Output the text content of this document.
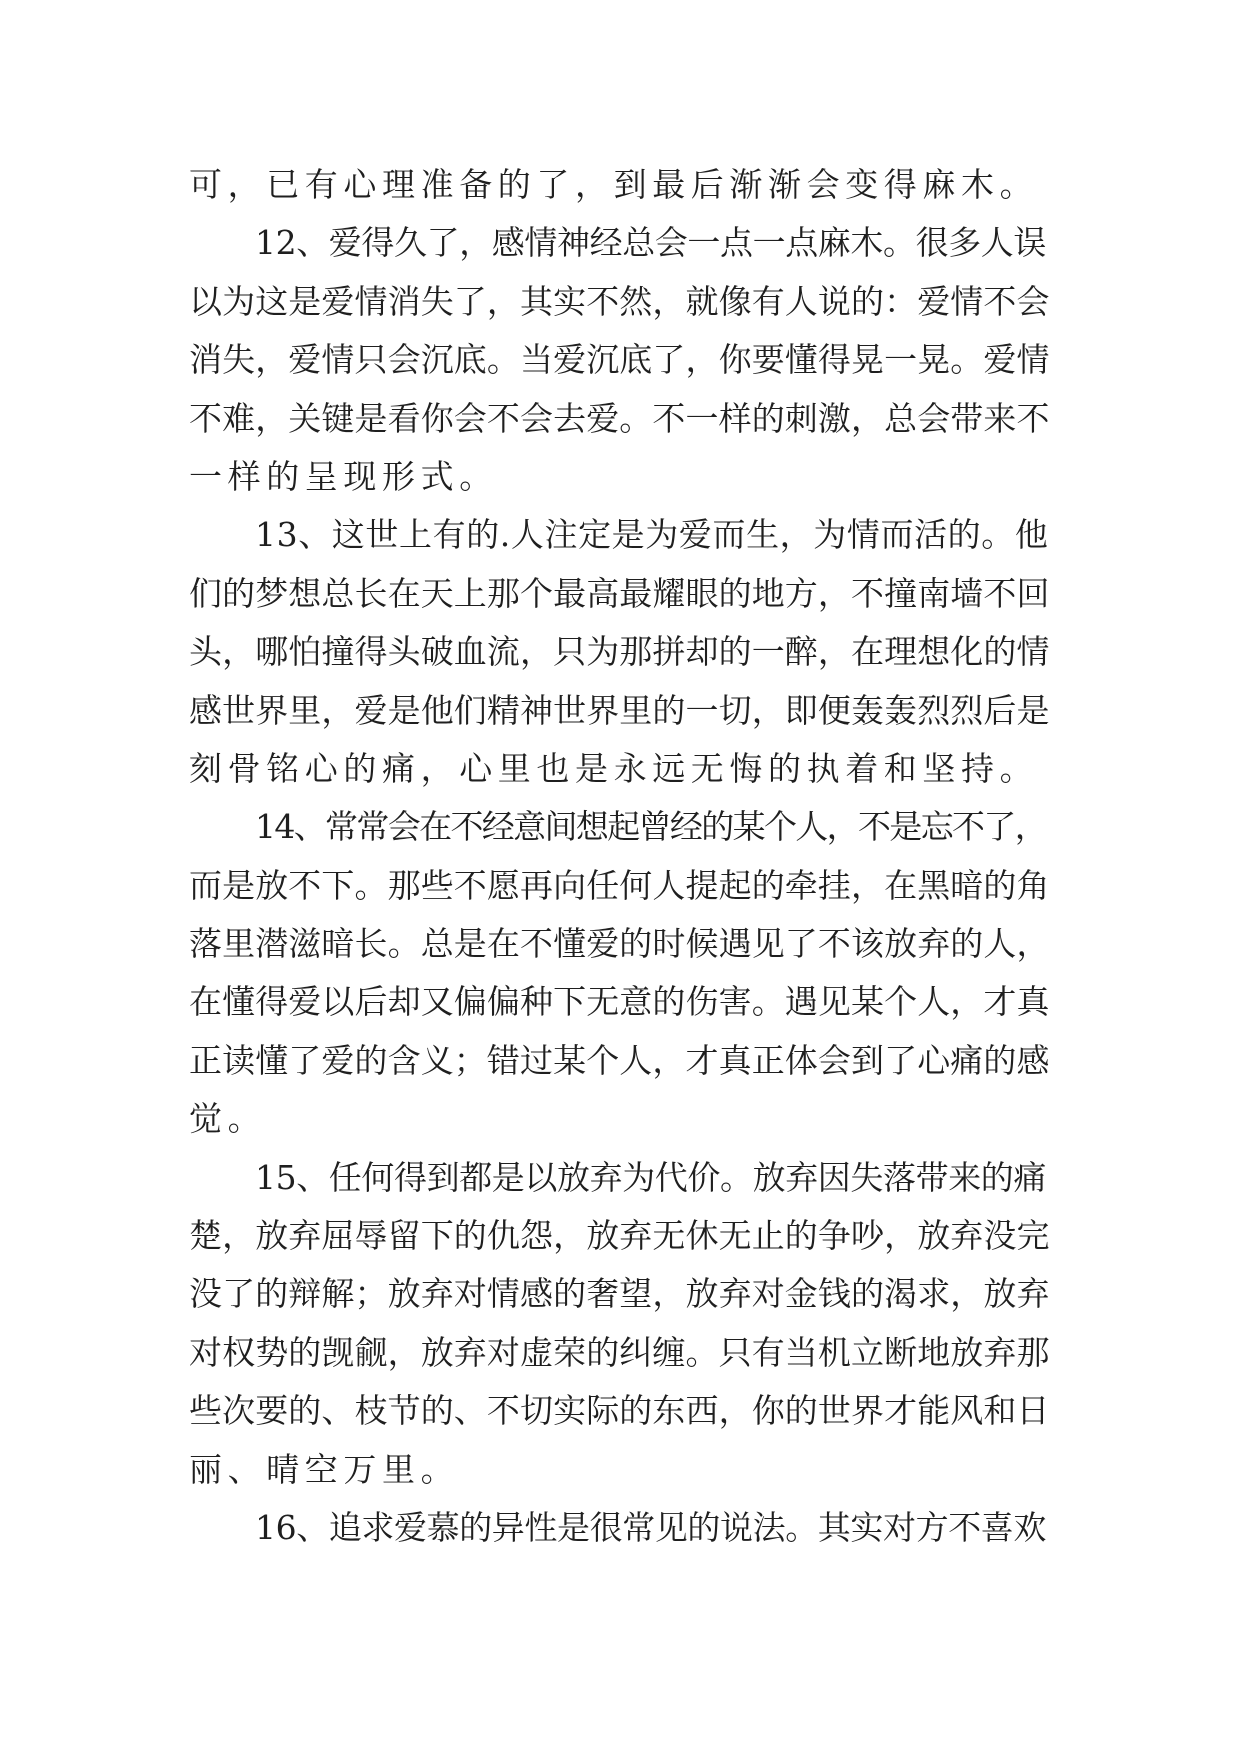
可，已有心理准备的了，到最后渐渐会变得麻木。
12、爱得久了，感情神经总会一点一点麻木。很多人误
以为这是爱情消失了，其实不然，就像有人说的：爱情不会
消失，爱情只会沉底。当爱沉底了，你要懂得晃一晃。爱情
不难，关键是看你会不会去爱。不一样的刺激，总会带来不
一样的呈现形式。
13、这世上有的.人注定是为爱而生，为情而活的。他
们的梦想总长在天上那个最高最耀眼的地方，不撞南墙不回
头，哪怕撞得头破血流，只为那拼却的一醉，在理想化的情
感世界里，爱是他们精神世界里的一切，即便轰轰烈烈后是
刻骨铭心的痛，心里也是永远无悔的执着和坚持。
14、常常会在不经意间想起曾经的某个人，不是忘不了，
而是放不下。那些不愿再向任何人提起的牵挂，在黑暗的角
落里潜滋暗长。总是在不懂爱的时候遇见了不该放弃的人，
在懂得爱以后却又偏偏种下无意的伤害。遇见某个人，才真
正读懂了爱的含义；错过某个人，才真正体会到了心痛的感
觉。
15、任何得到都是以放弃为代价。放弃因失落带来的痛
楚，放弃屈辱留下的仇怨，放弃无休无止的争吵，放弃没完
没了的辩解；放弃对情感的奢望，放弃对金钱的渴求，放弃
对权势的觊觎，放弃对虚荣的纠缠。只有当机立断地放弃那
些次要的、枝节的、不切实际的东西，你的世界才能风和日
丽、晴空万里。
16、追求爱慕的异性是很常见的说法。其实对方不喜欢
